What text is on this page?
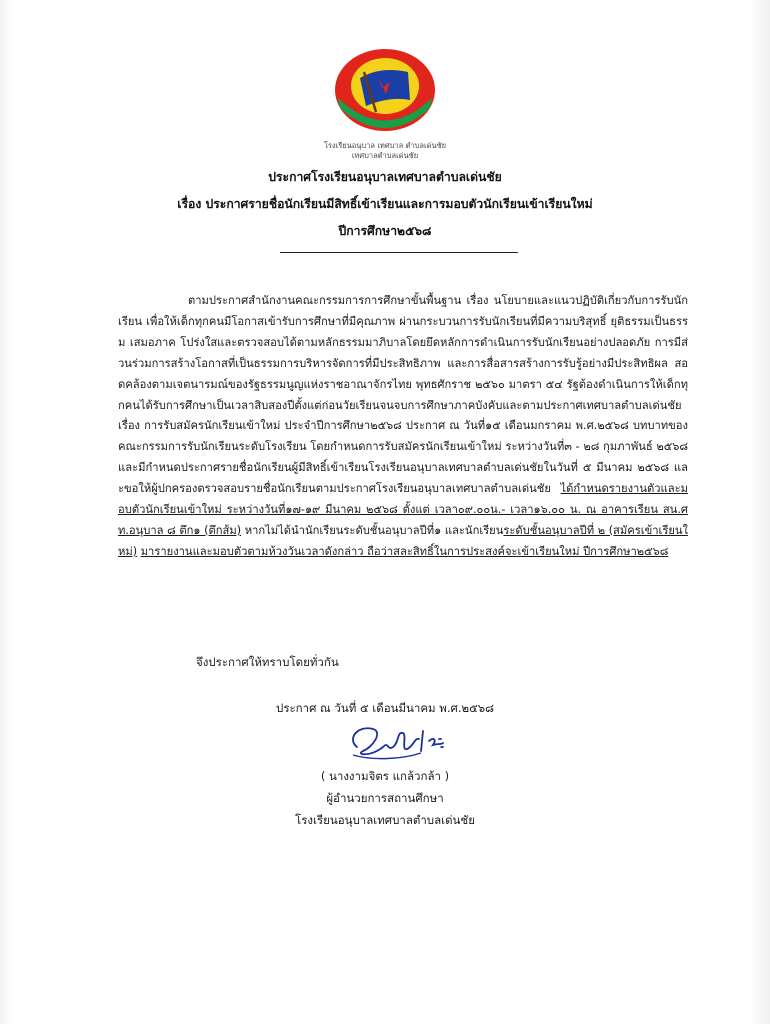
โรงเรียนอนุบาล เทศบาล ตำบลเด่นชัย
เทศบาลตำบลเด่นชัย
ประกาศโรงเรียนอนุบาลเทศบาลตำบลเด่นชัย
เรื่อง ประกาศรายชื่อนักเรียนมีสิทธิ์เข้าเรียนและการมอบตัวนักเรียนเข้าเรียนใหม่
ปีการศึกษา๒๕๖๘
ตามประกาศสำนักงานคณะกรรมการการศึกษาขั้นพื้นฐาน เรื่อง นโยบายและแนวปฏิบัติเกี่ยวกับการรับนักเรียน เพื่อให้เด็กทุกคนมีโอกาสเข้ารับการศึกษาที่มีคุณภาพ ผ่านกระบวนการรับนักเรียนที่มีความบริสุทธิ์ ยุติธรรมเป็นธรรม เสมอภาค โปร่งใสและตรวจสอบได้ตามหลักธรรมมาภิบาลโดยยึดหลักการดำเนินการรับนักเรียนอย่างปลอดภัย การมีส่วนร่วมการสร้างโอกาสที่เป็นธรรมการบริหารจัดการที่มีประสิทธิภาพ และการสื่อสารสร้างการรับรู้อย่างมีประสิทธิผล สอดคล้องตามเจตนารมณ์ของรัฐธรรมนูญแห่งราชอาณาจักรไทย พุทธศักราช ๒๕๖๐ มาตรา ๕๔ รัฐต้องดำเนินการให้เด็กทุกคนได้รับการศึกษาเป็นเวลาสิบสองปีตั้งแต่ก่อนวัยเรียนจนจบการศึกษาภาคบังคับและตามประกาศเทศบาลตำบลเด่นชัย เรื่อง การรับสมัครนักเรียนเข้าใหม่ ประจำปีการศึกษา๒๕๖๘ ประกาศ ณ วันที่๑๕ เดือนมกราคม พ.ศ.๒๕๖๘ บทบาทของคณะกรรมการรับนักเรียนระดับโรงเรียน โดยกำหนดการรับสมัครนักเรียนเข้าใหม่ ระหว่างวันที่๓ - ๒๘ กุมภาพันธ์ ๒๕๖๘และมีกำหนดประกาศรายชื่อนักเรียนผู้มีสิทธิ์เข้าเรียนโรงเรียนอนุบาลเทศบาลตำบลเด่นชัยในวันที่ ๕ มีนาคม ๒๕๖๘ และขอให้ผู้ปกครองตรวจสอบรายชื่อนักเรียนตามประกาศโรงเรียนอนุบาลเทศบาลตำบลเด่นชัย ได้กำหนดรายงานตัวและมอบตัวนักเรียนเข้าใหม่ ระหว่างวันที่๑๗-๑๙ มีนาคม ๒๕๖๘ ตั้งแต่ เวลา๐๙.๐๐น.- เวลา๑๖.๐๐ น. ณ อาคารเรียน สน.ศท.อนุบาล ๘ ตึก๑ (ตึกส้ม) หากไม่ได้นำนักเรียนระดับชั้นอนุบาลปีที่๑ และนักเรียนระดับชั้นอนุบาลปีที่ ๒ (สมัครเข้าเรียนใหม่) มารายงานและมอบตัวตามห้วงวันเวลาดังกล่าว ถือว่าสละสิทธิ์ในการประสงค์จะเข้าเรียนใหม่ ปีการศึกษา๒๕๖๘
จึงประกาศให้ทราบโดยทั่วกัน
ประกาศ ณ วันที่ ๕ เดือนมีนาคม พ.ศ.๒๕๖๘
( นางงามจิตร แกล้วกล้า )
ผู้อำนวยการสถานศึกษา
โรงเรียนอนุบาลเทศบาลตำบลเด่นชัย
